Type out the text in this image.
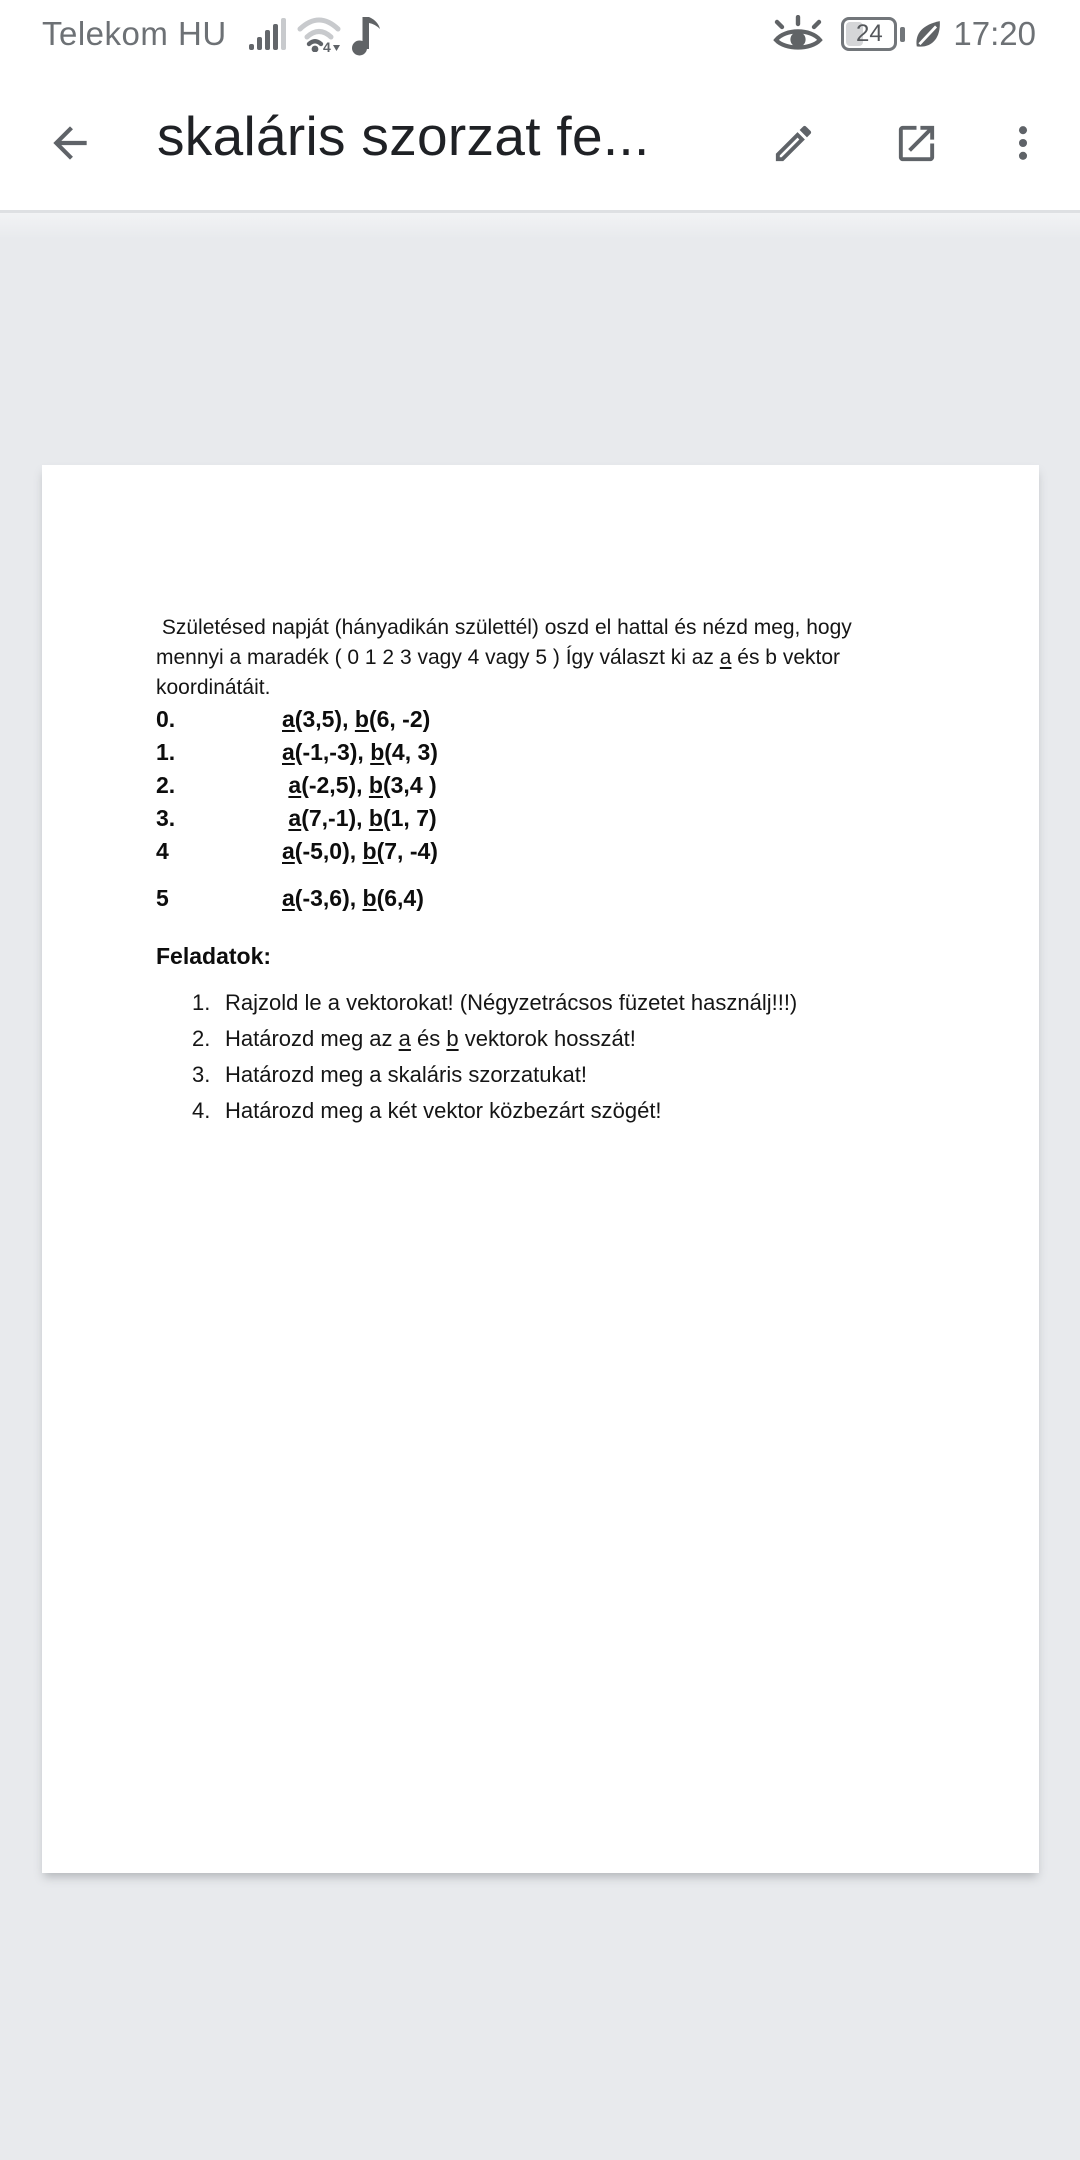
Telekom HU	4	24	17:20
skaláris szorzat fe...
Születésed napját (hányadikán születtél) oszd el hattal és nézd meg, hogy
mennyi a maradék ( 0 1 2 3 vagy 4 vagy 5 ) Így választ ki az a és b vektor
koordinátáit.
0.	a(3,5), b(6, -2)
1.	a(-1,-3), b(4, 3)
2.	a(-2,5), b(3,4 )
3.	a(7,-1), b(1, 7)
4	a(-5,0), b(7, -4)
5	a(-3,6), b(6,4)
Feladatok:
1. Rajzold le a vektorokat! (Négyzetrácsos füzetet használj!!!)
2. Határozd meg az a és b vektorok hosszát!
3. Határozd meg a skaláris szorzatukat!
4. Határozd meg a két vektor közbezárt szögét!
